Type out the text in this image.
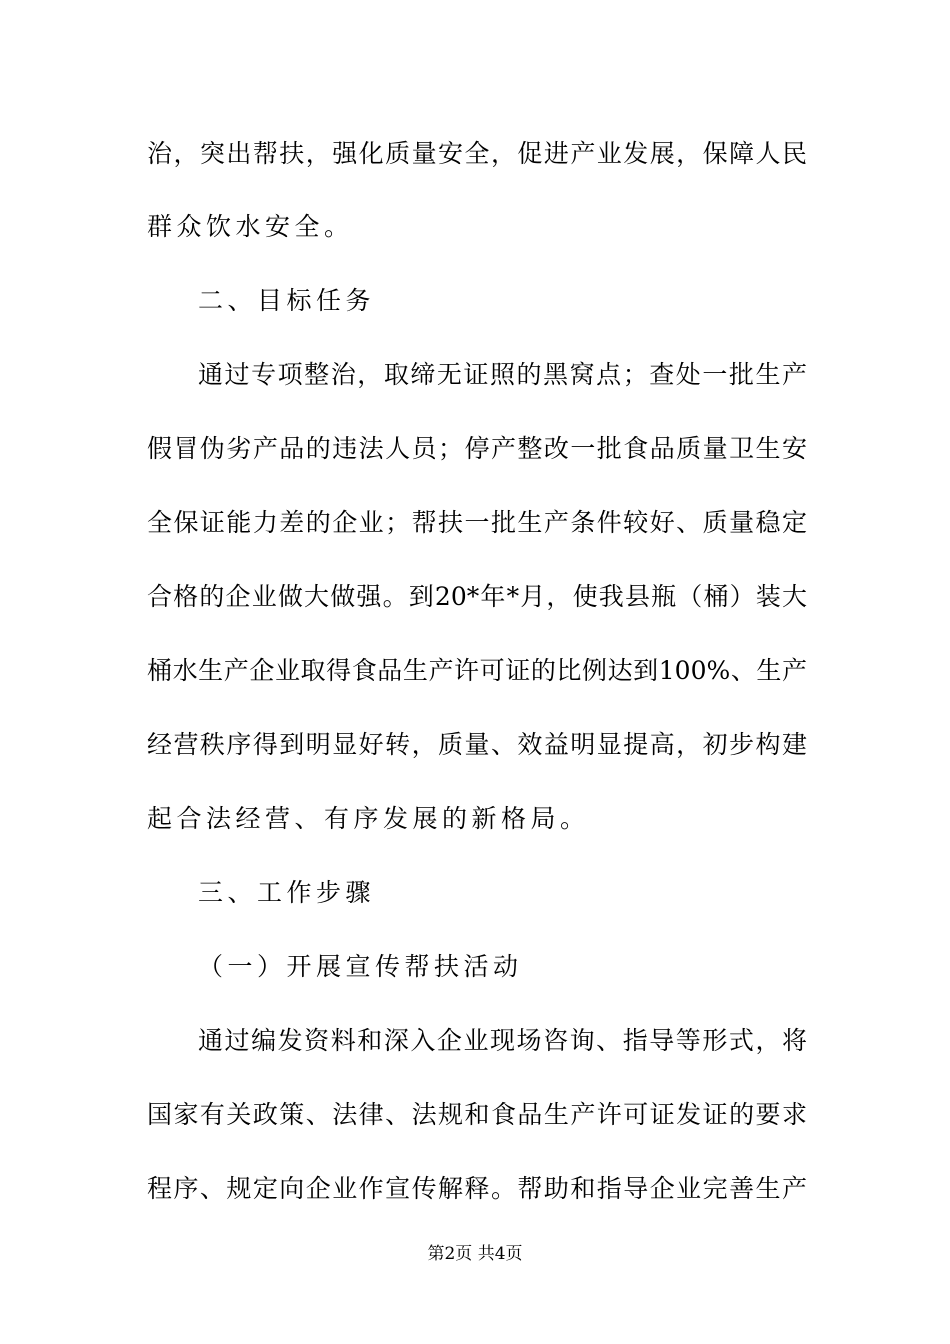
治，突出帮扶，强化质量安全，促进产业发展，保障人民
群众饮水安全。
二、目标任务
通过专项整治，取缔无证照的黑窝点；查处一批生产
假冒伪劣产品的违法人员；停产整改一批食品质量卫生安
全保证能力差的企业；帮扶一批生产条件较好、质量稳定
合格的企业做大做强。到20*年*月，使我县瓶（桶）装大
桶水生产企业取得食品生产许可证的比例达到100%、生产
经营秩序得到明显好转，质量、效益明显提高，初步构建
起合法经营、有序发展的新格局。
三、工作步骤
（一）开展宣传帮扶活动
通过编发资料和深入企业现场咨询、指导等形式，将
国家有关政策、法律、法规和食品生产许可证发证的要求
程序、规定向企业作宣传解释。帮助和指导企业完善生产
第2页 共4页
